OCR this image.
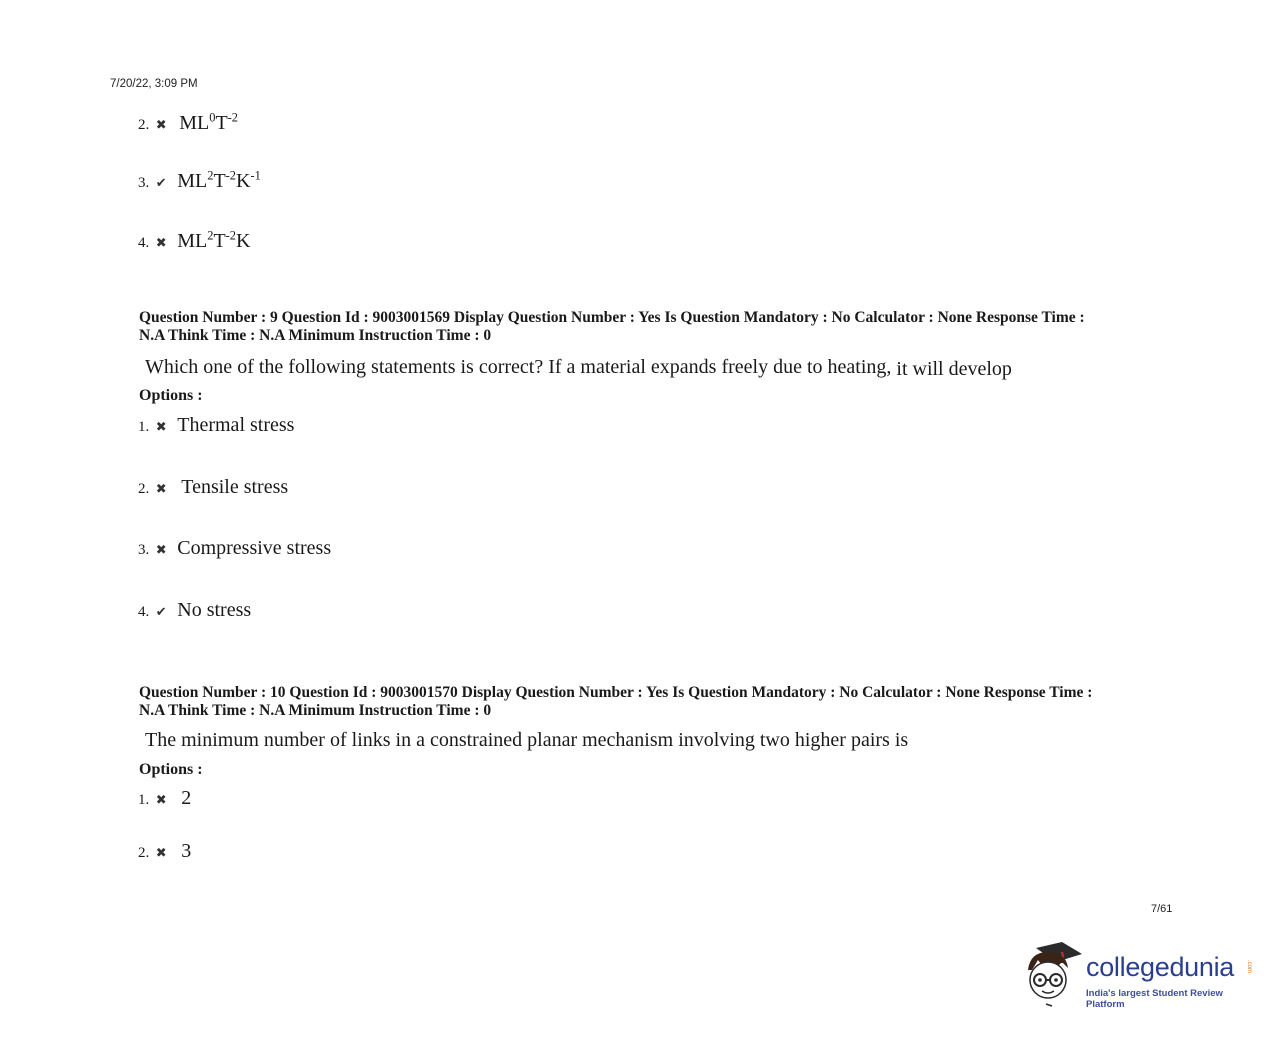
7/20/22, 3:09 PM
2. ✖ $ML^0T^{-2}$
3. ✔ $ML^2T^{-2}K^{-1}$
4. ✖ $ML^2T^{-2}K$
Question Number : 9 Question Id : 9003001569 Display Question Number : Yes Is Question Mandatory : No Calculator : None Response Time :
N.A Think Time : N.A Minimum Instruction Time : 0
Which one of the following statements is correct? If a material expands freely due to heating, it will develop
Options :
1. ✖ Thermal stress
2. ✖ Tensile stress
3. ✖ Compressive stress
4. ✔ No stress
Question Number : 10 Question Id : 9003001570 Display Question Number : Yes Is Question Mandatory : No Calculator : None Response Time :
N.A Think Time : N.A Minimum Instruction Time : 0
The minimum number of links in a constrained planar mechanism involving two higher pairs is
Options :
1. ✖ 2
2. ✖ 3
7/61
collegedunia .com
India's largest Student Review Platform
